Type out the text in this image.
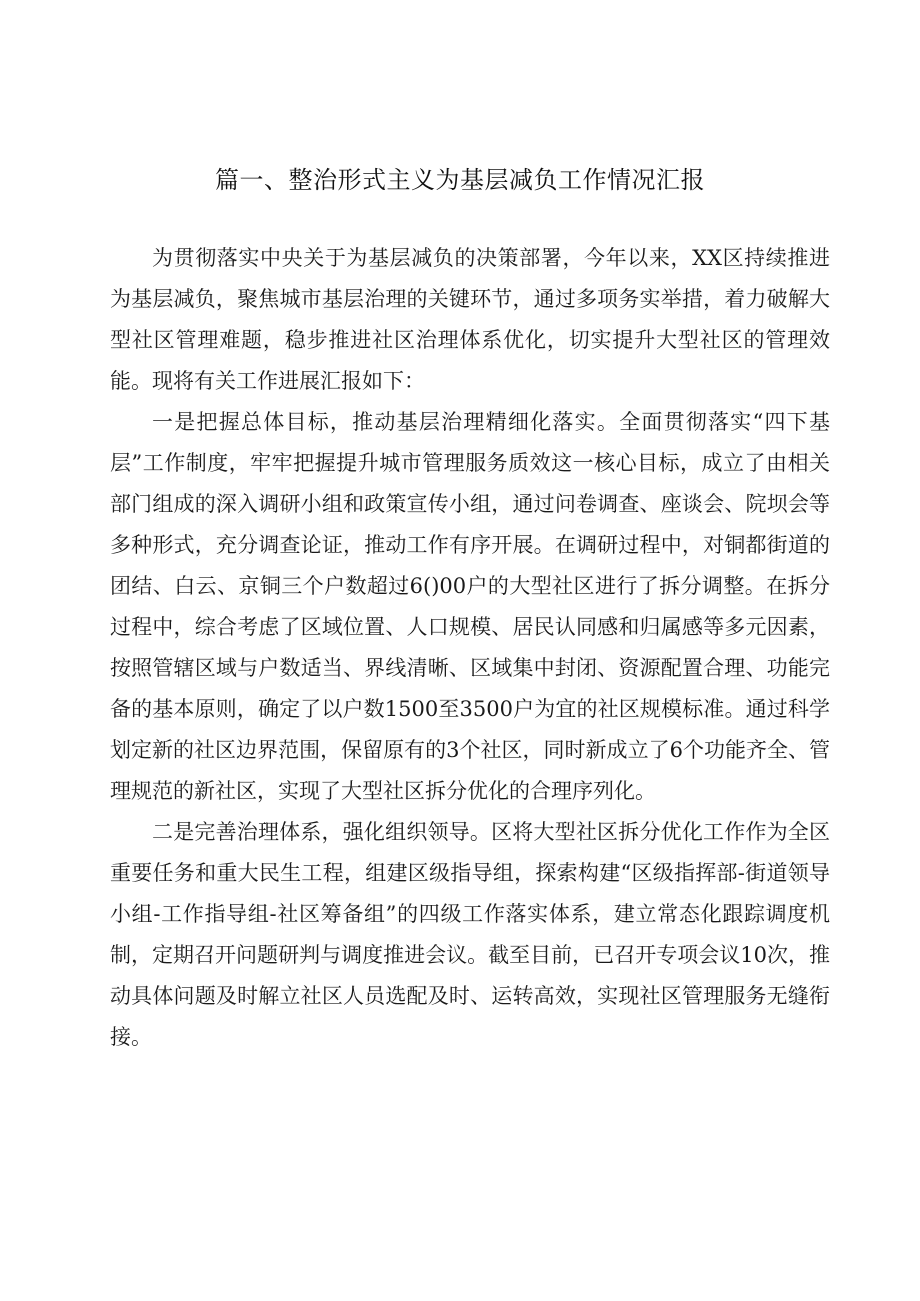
篇一、整治形式主义为基层减负工作情况汇报

为贯彻落实中央关于为基层减负的决策部署，今年以来，XX区持续推进为基层减负，聚焦城市基层治理的关键环节，通过多项务实举措，着力破解大型社区管理难题，稳步推进社区治理体系优化，切实提升大型社区的管理效能。现将有关工作进展汇报如下：

一是把握总体目标，推动基层治理精细化落实。全面贯彻落实“四下基层”工作制度，牢牢把握提升城市管理服务质效这一核心目标，成立了由相关部门组成的深入调研小组和政策宣传小组，通过问卷调查、座谈会、院坝会等多种形式，充分调查论证，推动工作有序开展。在调研过程中，对铜都街道的团结、白云、京铜三个户数超过6()00户的大型社区进行了拆分调整。在拆分过程中，综合考虑了区域位置、人口规模、居民认同感和归属感等多元因素，按照管辖区域与户数适当、界线清晰、区域集中封闭、资源配置合理、功能完备的基本原则，确定了以户数1500至3500户为宜的社区规模标准。通过科学划定新的社区边界范围，保留原有的3个社区，同时新成立了6个功能齐全、管理规范的新社区，实现了大型社区拆分优化的合理序列化。

二是完善治理体系，强化组织领导。区将大型社区拆分优化工作作为全区重要任务和重大民生工程，组建区级指导组，探索构建“区级指挥部-街道领导小组-工作指导组-社区筹备组”的四级工作落实体系，建立常态化跟踪调度机制，定期召开问题研判与调度推进会议。截至目前，已召开专项会议10次，推动具体问题及时解立社区人员选配及时、运转高效，实现社区管理服务无缝衔接。
